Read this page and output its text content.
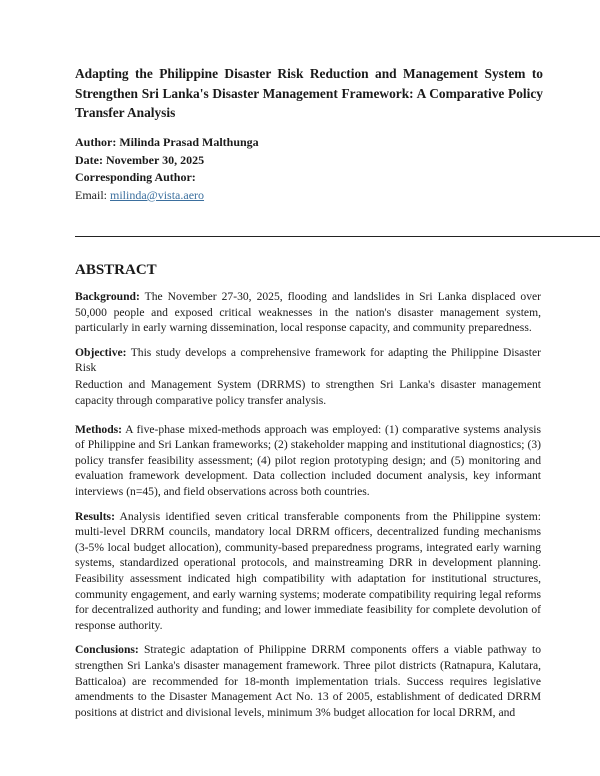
Adapting the Philippine Disaster Risk Reduction and Management System to Strengthen Sri Lanka's Disaster Management Framework: A Comparative Policy Transfer Analysis
Author: Milinda Prasad Malthunga
Date: November 30, 2025
Corresponding Author:
Email: milinda@vista.aero
ABSTRACT

Background: The November 27-30, 2025, flooding and landslides in Sri Lanka displaced over 50,000 people and exposed critical weaknesses in the nation's disaster management system, particularly in early warning dissemination, local response capacity, and community preparedness.

Objective: This study develops a comprehensive framework for adapting the Philippine Disaster Risk
Reduction and Management System (DRRMS) to strengthen Sri Lanka's disaster management capacity through comparative policy transfer analysis.

Methods: A five-phase mixed-methods approach was employed: (1) comparative systems analysis of Philippine and Sri Lankan frameworks; (2) stakeholder mapping and institutional diagnostics; (3) policy transfer feasibility assessment; (4) pilot region prototyping design; and (5) monitoring and evaluation framework development. Data collection included document analysis, key informant interviews (n=45), and field observations across both countries.

Results: Analysis identified seven critical transferable components from the Philippine system: multi-level DRRM councils, mandatory local DRRM officers, decentralized funding mechanisms (3-5% local budget allocation), community-based preparedness programs, integrated early warning systems, standardized operational protocols, and mainstreaming DRR in development planning. Feasibility assessment indicated high compatibility with adaptation for institutional structures, community engagement, and early warning systems; moderate compatibility requiring legal reforms for decentralized authority and funding; and lower immediate feasibility for complete devolution of response authority.

Conclusions: Strategic adaptation of Philippine DRRM components offers a viable pathway to strengthen Sri Lanka's disaster management framework. Three pilot districts (Ratnapura, Kalutara, Batticaloa) are recommended for 18-month implementation trials. Success requires legislative amendments to the Disaster Management Act No. 13 of 2005, establishment of dedicated DRRM positions at district and divisional levels, minimum 3% budget allocation for local DRRM, and
